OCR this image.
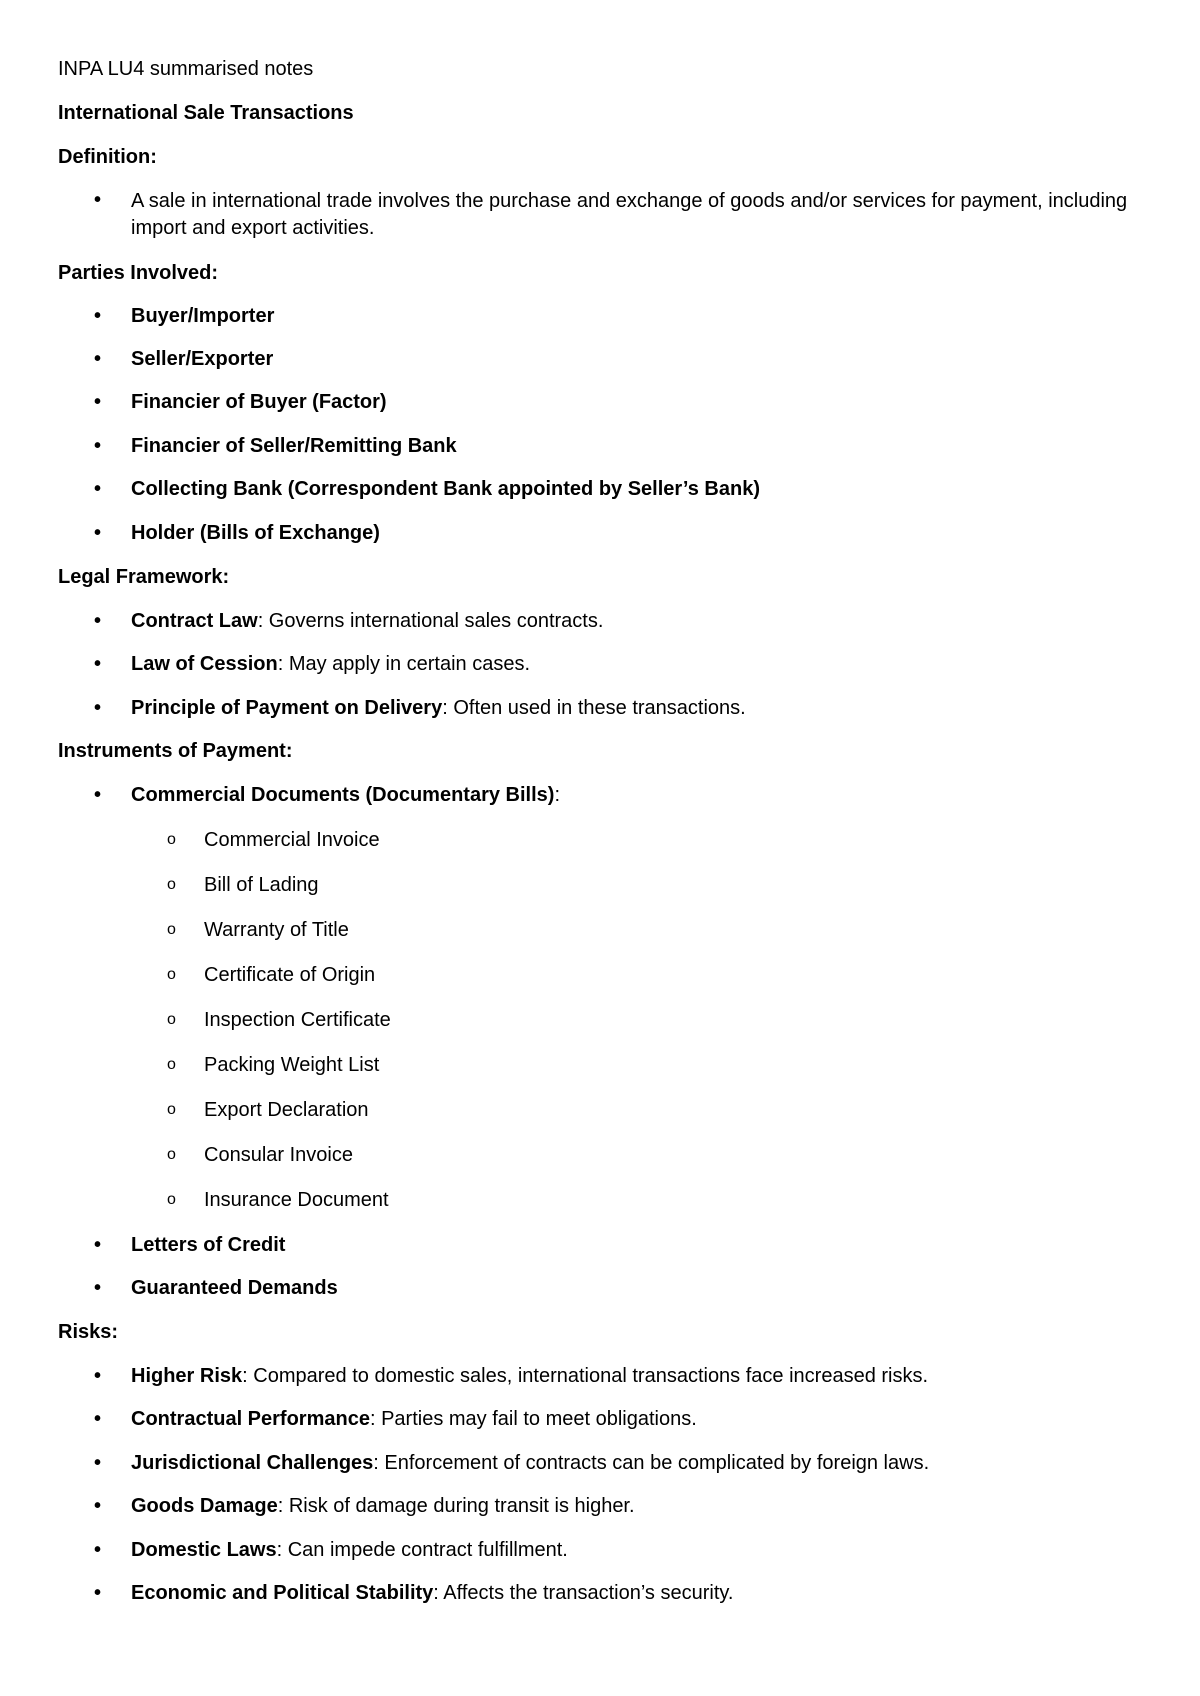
INPA LU4 summarised notes
International Sale Transactions
Definition:
• A sale in international trade involves the purchase and exchange of goods and/or services for payment, including import and export activities.
Parties Involved:
• Buyer/Importer
• Seller/Exporter
• Financier of Buyer (Factor)
• Financier of Seller/Remitting Bank
• Collecting Bank (Correspondent Bank appointed by Seller’s Bank)
• Holder (Bills of Exchange)
Legal Framework:
• Contract Law: Governs international sales contracts.
• Law of Cession: May apply in certain cases.
• Principle of Payment on Delivery: Often used in these transactions.
Instruments of Payment:
• Commercial Documents (Documentary Bills):
o Commercial Invoice
o Bill of Lading
o Warranty of Title
o Certificate of Origin
o Inspection Certificate
o Packing Weight List
o Export Declaration
o Consular Invoice
o Insurance Document
• Letters of Credit
• Guaranteed Demands
Risks:
• Higher Risk: Compared to domestic sales, international transactions face increased risks.
• Contractual Performance: Parties may fail to meet obligations.
• Jurisdictional Challenges: Enforcement of contracts can be complicated by foreign laws.
• Goods Damage: Risk of damage during transit is higher.
• Domestic Laws: Can impede contract fulfillment.
• Economic and Political Stability: Affects the transaction’s security.
